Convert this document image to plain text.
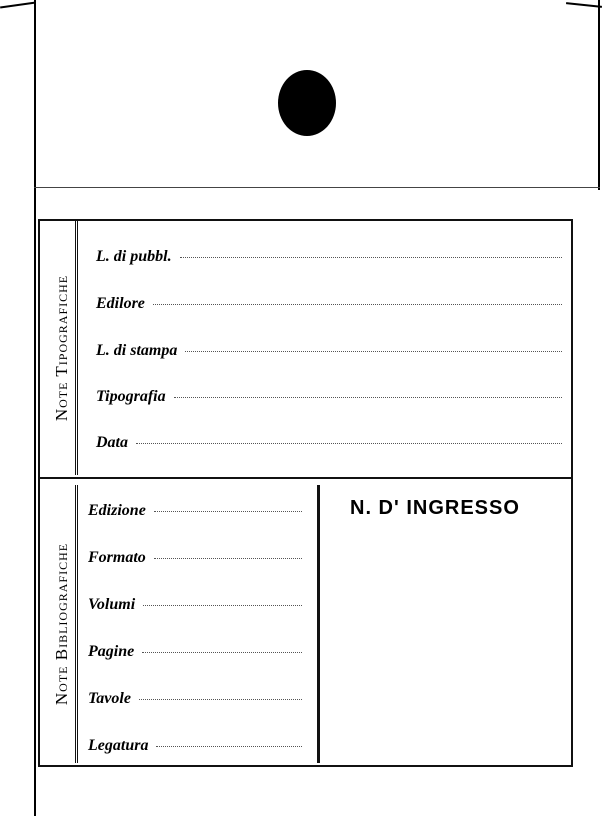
Note Tipografiche
L. di pubbl.
Edilore
L. di stampa
Tipografia
Data
Note Bibliografiche
Edizione
Formato
Volumi
Pagine
Tavole
Legatura
N. D' INGRESSO
